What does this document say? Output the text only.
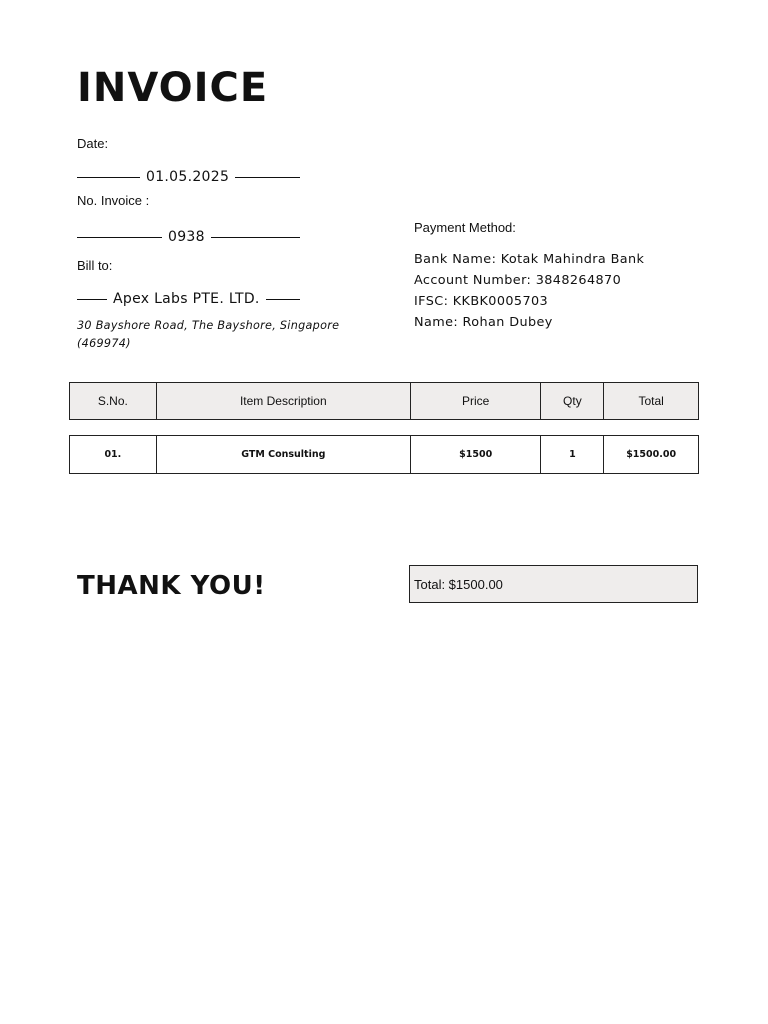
INVOICE
Date:
01.05.2025
No. Invoice :
0938
Bill to:
Apex Labs PTE. LTD.
30 Bayshore Road, The Bayshore, Singapore (469974)
Payment Method:
Bank Name: Kotak Mahindra Bank
Account Number: 3848264870
IFSC: KKBK0005703
Name: Rohan Dubey
S.No.	Item Description	Price	Qty	Total
01.	GTM Consulting	$1500	1	$1500.00
THANK YOU!	Total: $1500.00
